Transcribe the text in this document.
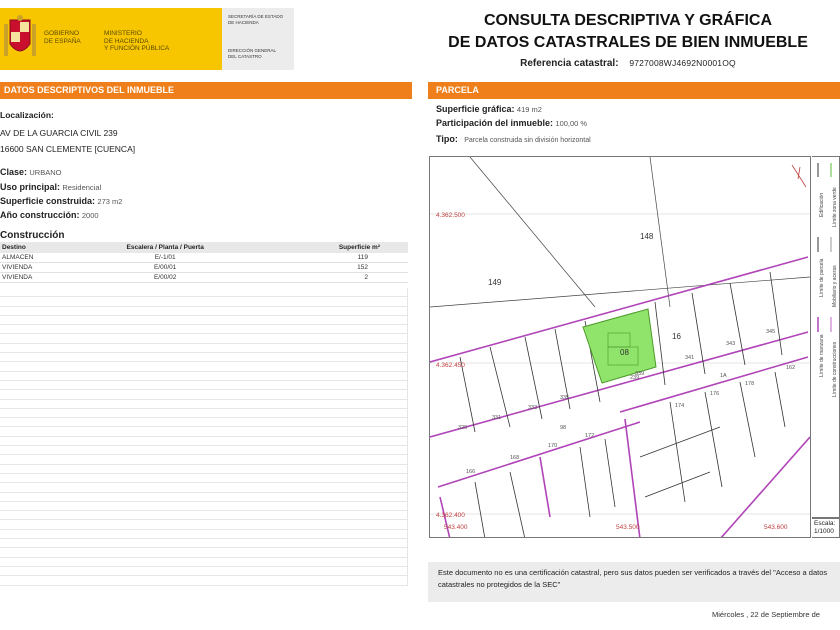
GOBIERNO
DE ESPAÑA
MINISTERIO
DE HACIENDA
Y FUNCIÓN PÚBLICA
SECRETARÍA DE ESTADO
DE HACIENDA
DIRECCIÓN GENERAL
DEL CATASTRO
CONSULTA DESCRIPTIVA Y GRÁFICA
DE DATOS CATASTRALES DE BIEN INMUEBLE
Referencia catastral: 9727008WJ4692N0001OQ
DATOS DESCRIPTIVOS DEL INMUEBLE	PARCELA
Localización:
AV DE LA GUARCIA CIVIL 239
16600 SAN CLEMENTE [CUENCA]
Clase: URBANO
Uso principal: Residencial
Superficie construida: 273 m2
Año construcción: 2000
Construcción
Destino	Escalera / Planta / Puerta	Superficie m²
ALMACEN	E/-1/01	119
VIVIENDA	E/00/01	152
VIVIENDA	E/00/02	2
Superficie gráfica: 419 m2
Participación del inmueble: 100,00 %
Tipo: Parcela construida sin división horizontal
4.362.500
4.362.450
4.362.400
543.400	543.500	543.600
148
149
16
08
329
331
333
335
339
341
343
345
98
1A
166
168
170
172
174
176
178
162
239
Edificación Límite zona verde
Límite de parcela Mobiliario y aceras
Límite de manzana Límite de construcciones
Escala:
1/1000
Este documento no es una certificación catastral, pero sus datos pueden ser verificados a través del "Acceso a datos catastrales no protegidos de la SEC"
Miércoles , 22 de Septiembre de
